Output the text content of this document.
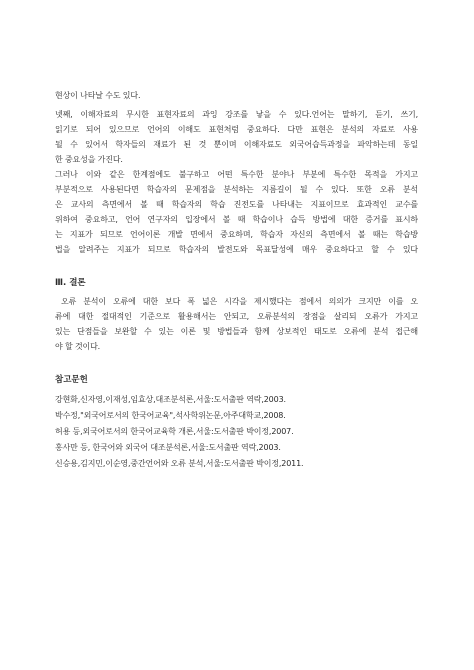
현상이 나타날 수도 있다.
넷째, 이해자료의 무시한 표현자료의 과잉 강조를 낳을 수 있다.언어는 말하기, 듣기, 쓰기,
읽기로 되어 있으므로 언어의 이해도 표현처럼 중요하다. 다만 표현은 분석의 자료로 사용
될 수 있어서 학자들의 재료가 된 것 뿐이며 이해자료도 외국어습득과정을 파악하는데 동일
한 중요성을 가진다.
그러나 이와 같은 한계점에도 불구하고 어떤 특수한 분야나 부분에 특수한 목적을 가지고
부분적으로 사용된다면 학습자의 문제점을 분석하는 지름길이 될 수 있다. 또한 오류 분석
은 교사의 측면에서 볼 때 학습자의 학습 진전도를 나타내는 지표이므로 효과적인 교수를
위하여 중요하고, 언어 연구자의 입장에서 볼 때 학습이나 습득 방법에 대한 증거를 표시하
는 지표가 되므로 언어이론 개발 면에서 중요하며, 학습자 자신의 측면에서 볼 때는 학습방
법을 알려주는 지표가 되므로 학습자의 발전도와 목표달성에 매우 중요하다고 할 수 있다
Ⅲ. 결론
오류 분석이 오류에 대한 보다 폭 넓은 시각을 제시했다는 점에서 의의가 크지만 이를 오
류에 대한 절대적인 기준으로 활용해서는 안되고, 오류분석의 장점을 살리되 오류가 가지고
있는 단점들을 보완할 수 있는 이론 및 방법들과 함께 상보적인 태도로 오류에 분석 접근해
야 할 것이다.
참고문헌
강현화,신자영,이재성,임효상,대조분석론,서울:도서출판 역락,2003.
박수정,"외국어로서의 한국어교육",석사학위논문,아주대학교,2008.
허용 등,외국어로서의 한국어교육학 개론,서울:도서출판 박이정,2007.
홍사만 등, 한국어와 외국어 대조분석론,서울:도서출판 역락,2003.
신승용,김지민,이순영,중간언어와 오류 분석,서울:도서출판 박이정,2011.
